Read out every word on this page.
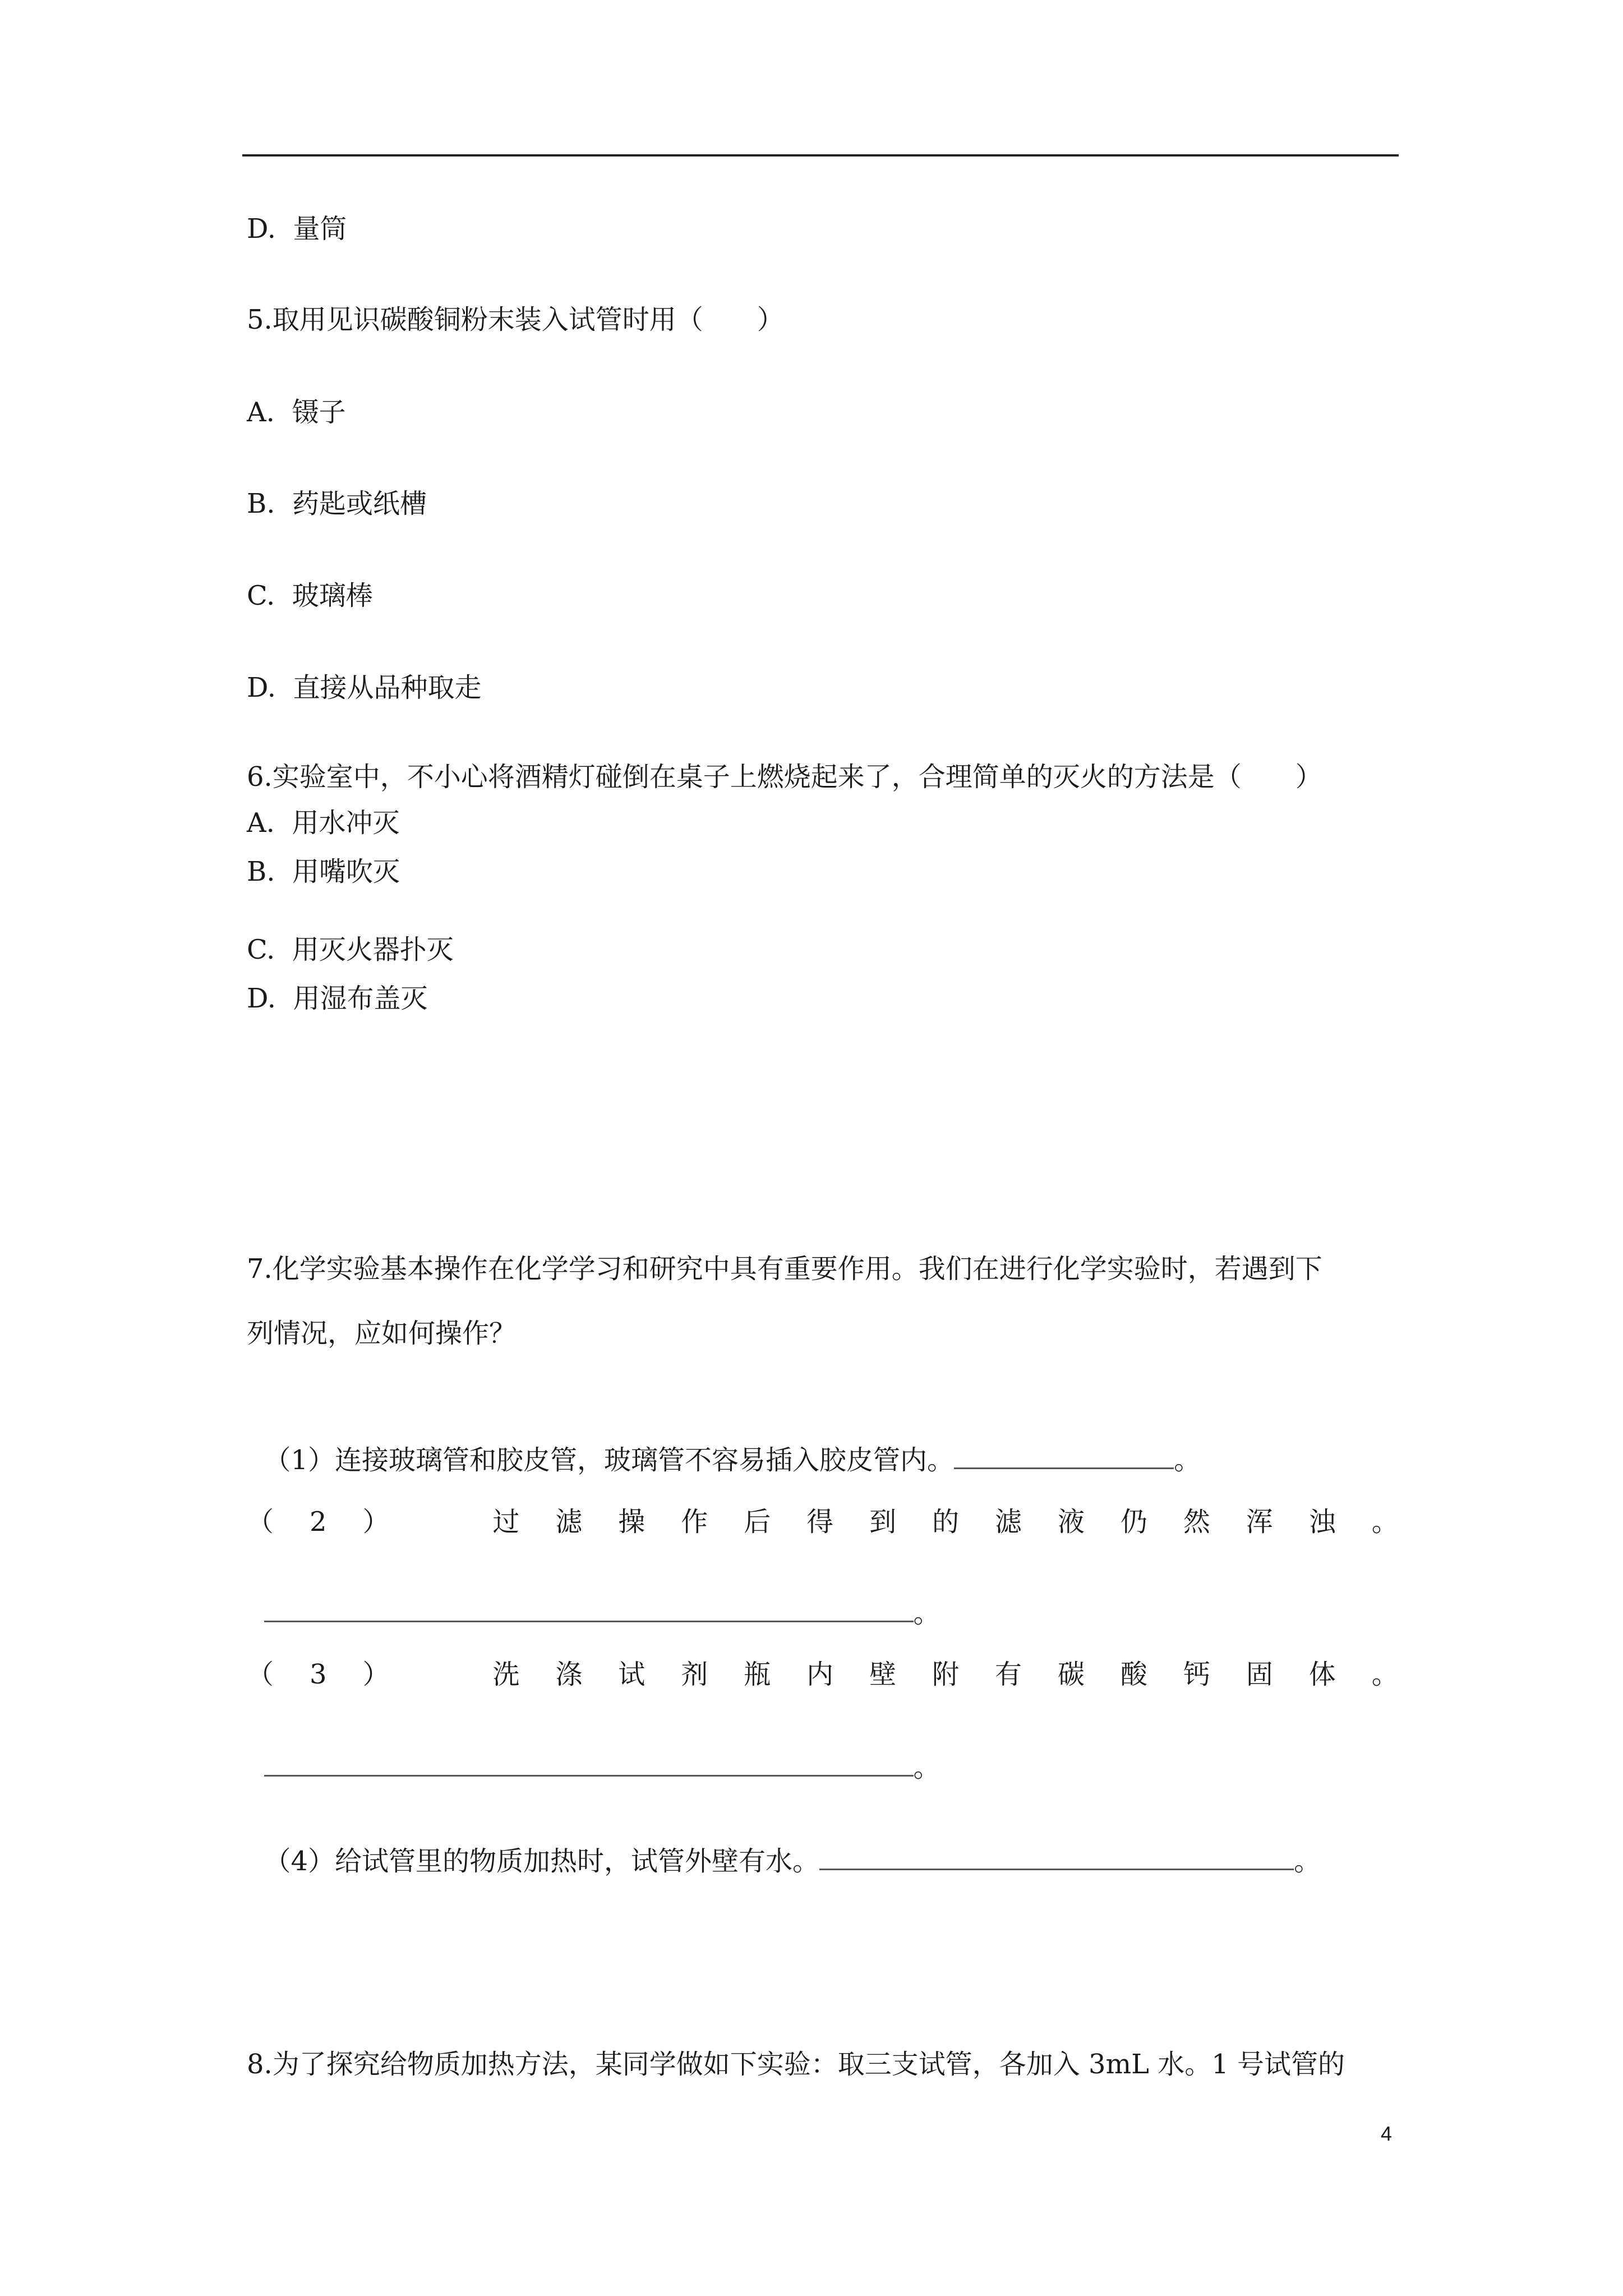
D.  量筒
5.取用见识碳酸铜粉末装入试管时用（　　）
A.  镊子
B.  药匙或纸槽
C.  玻璃棒
D.  直接从品种取走
6.实验室中，不小心将酒精灯碰倒在桌子上燃烧起来了，合理简单的灭火的方法是（　　）
A.  用水冲灭
B.  用嘴吹灭
C.  用灭火器扑灭
D.  用湿布盖灭
7.化学实验基本操作在化学学习和研究中具有重要作用。我们在进行化学实验时，若遇到下
列情况，应如何操作？

（1）连接玻璃管和胶皮管，玻璃管不容易插入胶皮管内。	。

（ 2 ）	过 滤 操 作 后 得 到 的 滤 液 仍 然 浑 浊 。

。

（ 3 ）	洗 涤 试 剂 瓶 内 壁 附 有 碳 酸 钙 固 体 。

。

（4）给试管里的物质加热时，试管外壁有水。	。

8.为了探究给物质加热方法，某同学做如下实验：取三支试管，各加入 3mL 水。1 号试管的
4
